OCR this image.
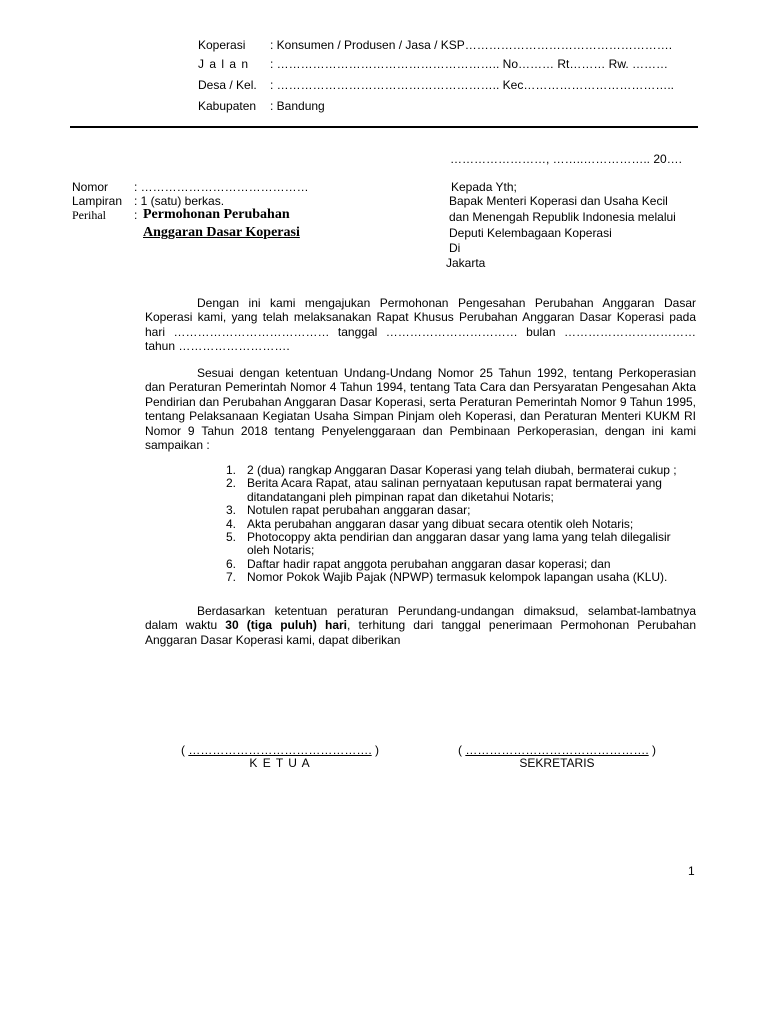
Koperasi : Konsumen / Produsen / Jasa / KSP…………………………………………….
J a l a n : ……………………………………………….. No……… Rt……… Rw. ………
Desa / Kel. : ……………………………………………….. Kec………………………………..
Kabupaten : Bandung
……………………, ……..…………….. 20….
Nomor : ……………………………………
Lampiran : 1 (satu) berkas.
Perihal : Permohonan Perubahan
Anggaran Dasar Koperasi
Kepada Yth;
Bapak Menteri Koperasi dan Usaha Kecil
dan Menengah Republik Indonesia melalui
Deputi Kelembagaan Koperasi
Di
Jakarta
Dengan ini kami mengajukan Permohonan Pengesahan Perubahan Anggaran Dasar Koperasi kami, yang telah melaksanakan Rapat Khusus Perubahan Anggaran Dasar Koperasi pada hari ………………………………… tanggal …………………………… bulan …………………………… tahun ……………………….
Sesuai dengan ketentuan Undang-Undang Nomor 25 Tahun 1992, tentang Perkoperasian dan Peraturan Pemerintah Nomor 4 Tahun 1994, tentang Tata Cara dan Persyaratan Pengesahan Akta Pendirian dan Perubahan Anggaran Dasar Koperasi, serta Peraturan Pemerintah Nomor 9 Tahun 1995, tentang Pelaksanaan Kegiatan Usaha Simpan Pinjam oleh Koperasi, dan Peraturan Menteri KUKM RI Nomor 9 Tahun 2018 tentang Penyelenggaraan dan Pembinaan Perkoperasian, dengan ini kami sampaikan :
1. 2 (dua) rangkap Anggaran Dasar Koperasi yang telah diubah, bermaterai cukup ;
2. Berita Acara Rapat, atau salinan pernyataan keputusan rapat bermaterai yang ditandatangani pleh pimpinan rapat dan diketahui Notaris;
3. Notulen rapat perubahan anggaran dasar;
4. Akta perubahan anggaran dasar yang dibuat secara otentik oleh Notaris;
5. Photocoppy akta pendirian dan anggaran dasar yang lama yang telah dilegalisir oleh Notaris;
6. Daftar hadir rapat anggota perubahan anggaran dasar koperasi; dan
7. Nomor Pokok Wajib Pajak (NPWP) termasuk kelompok lapangan usaha (KLU).
Berdasarkan ketentuan peraturan Perundang-undangan dimaksud, selambat-lambatnya dalam waktu 30 (tiga puluh) hari, terhitung dari tanggal penerimaan Permohonan Perubahan Anggaran Dasar Koperasi kami, dapat diberikan
( ………………………………………. )
K E T U A
( ………………………………………. )
SEKRETARIS
1
